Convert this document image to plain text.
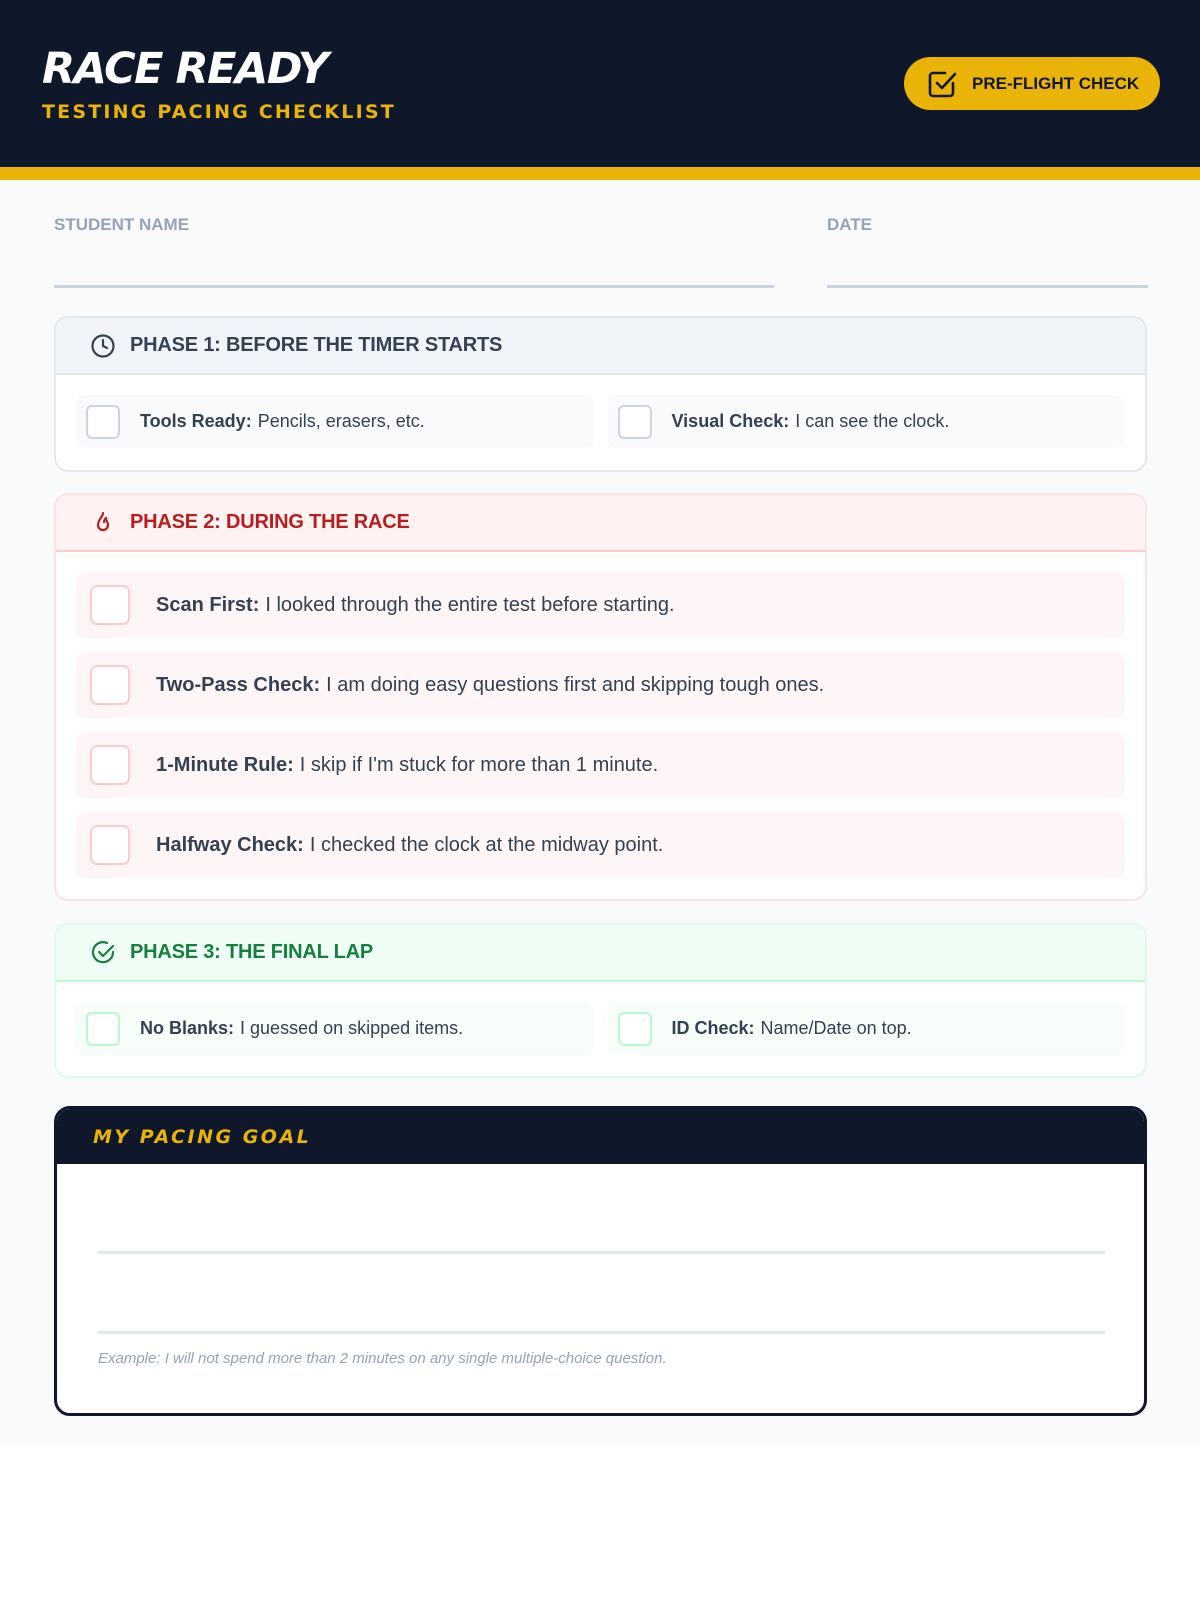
RACE READY
TESTING PACING CHECKLIST
PRE-FLIGHT CHECK
STUDENT NAME	DATE
PHASE 1: BEFORE THE TIMER STARTS
Tools Ready: Pencils, erasers, etc.	Visual Check: I can see the clock.
PHASE 2: DURING THE RACE
Scan First: I looked through the entire test before starting.
Two-Pass Check: I am doing easy questions first and skipping tough ones.
1-Minute Rule: I skip if I'm stuck for more than 1 minute.
Halfway Check: I checked the clock at the midway point.
PHASE 3: THE FINAL LAP
No Blanks: I guessed on skipped items.	ID Check: Name/Date on top.
MY PACING GOAL
Example: I will not spend more than 2 minutes on any single multiple-choice question.
